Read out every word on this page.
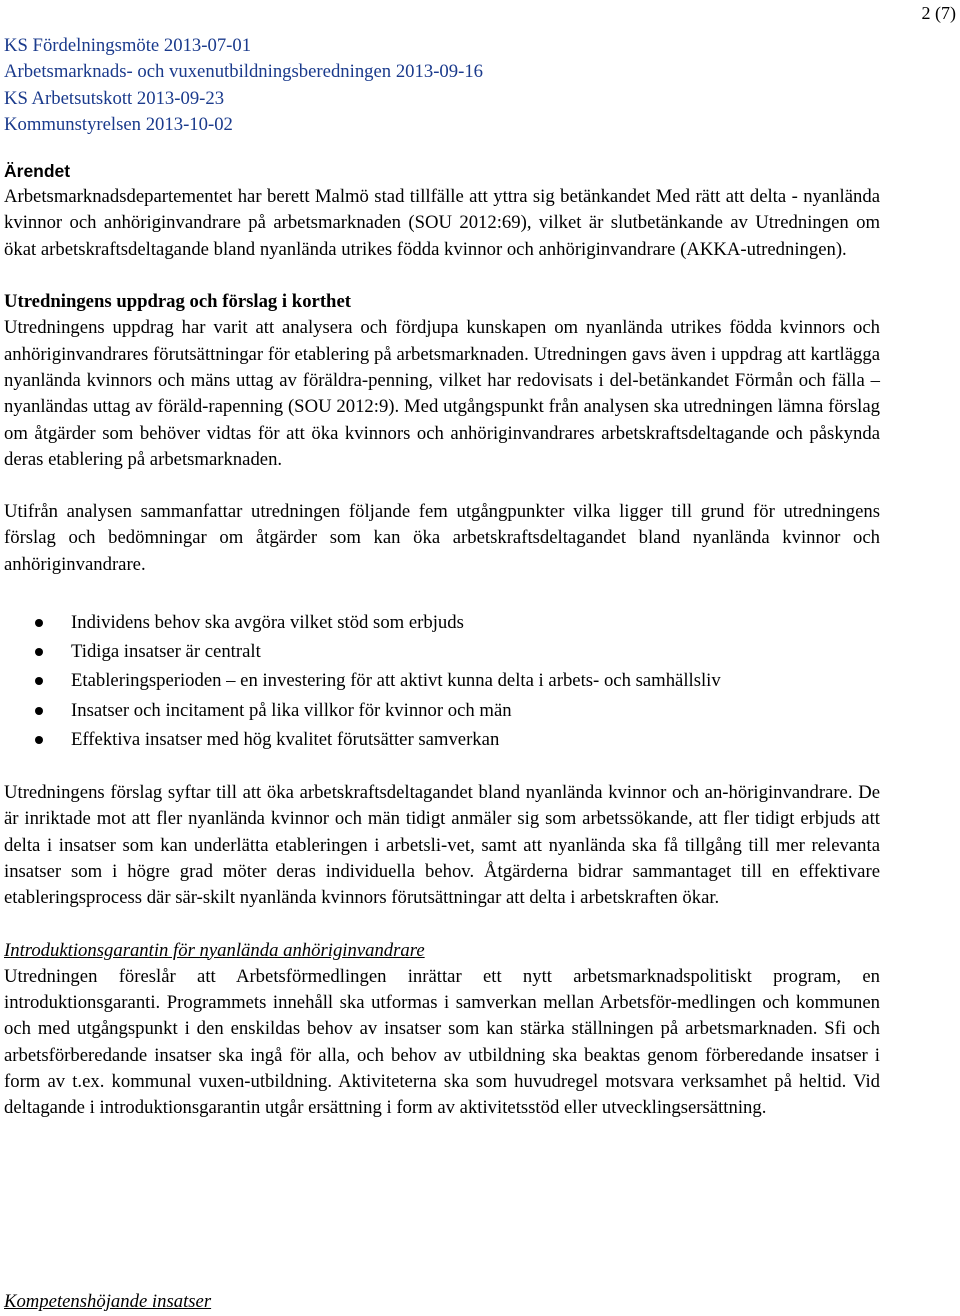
2 (7)
KS Fördelningsmöte 2013-07-01
Arbetsmarknads- och vuxenutbildningsberedningen 2013-09-16
KS Arbetsutskott 2013-09-23
Kommunstyrelsen 2013-10-02
Ärendet

Arbetsmarknadsdepartementet har berett Malmö stad tillfälle att yttra sig betänkandet Med rätt att delta - nyanlända kvinnor och anhöriginvandrare på arbetsmarknaden (SOU 2012:69), vilket är slutbetänkande av Utredningen om ökat arbetskraftsdeltagande bland nyanlända utrikes födda kvinnor och anhöriginvandrare (AKKA-utredningen).

Utredningens uppdrag och förslag i korthet

Utredningens uppdrag har varit att analysera och fördjupa kunskapen om nyanlända utrikes födda kvinnors och anhöriginvandrares förutsättningar för etablering på arbetsmarknaden. Utredningen gavs även i uppdrag att kartlägga nyanlända kvinnors och mäns uttag av föräldra-penning, vilket har redovisats i del-betänkandet Förmån och fälla – nyanländas uttag av föräld-rapenning (SOU 2012:9). Med utgångspunkt från analysen ska utredningen lämna förslag om åtgärder som behöver vidtas för att öka kvinnors och anhöriginvandrares arbetskraftsdeltagande och påskynda deras etablering på arbetsmarknaden.

Utifrån analysen sammanfattar utredningen följande fem utgångpunkter vilka ligger till grund för utredningens förslag och bedömningar om åtgärder som kan öka arbetskraftsdeltagandet bland nyanlända kvinnor och anhöriginvandrare.

Individens behov ska avgöra vilket stöd som erbjuds
Tidiga insatser är centralt
Etableringsperioden – en investering för att aktivt kunna delta i arbets- och samhällsliv
Insatser och incitament på lika villkor för kvinnor och män
Effektiva insatser med hög kvalitet förutsätter samverkan

Utredningens förslag syftar till att öka arbetskraftsdeltagandet bland nyanlända kvinnor och an-höriginvandrare. De är inriktade mot att fler nyanlända kvinnor och män tidigt anmäler sig som arbetssökande, att fler tidigt erbjuds att delta i insatser som kan underlätta etableringen i arbetsli-vet, samt att nyanlända ska få tillgång till mer relevanta insatser som i högre grad möter deras individuella behov. Åtgärderna bidrar sammantaget till en effektivare etableringsprocess där sär-skilt nyanlända kvinnors förutsättningar att delta i arbetskraften ökar.

Introduktionsgarantin för nyanlända anhöriginvandrare

Utredningen föreslår att Arbetsförmedlingen inrättar ett nytt arbetsmarknadspolitiskt program, en introduktionsgaranti. Programmets innehåll ska utformas i samverkan mellan Arbetsför-medlingen och kommunen och med utgångspunkt i den enskildas behov av insatser som kan stärka ställningen på arbetsmarknaden. Sfi och arbetsförberedande insatser ska ingå för alla, och behov av utbildning ska beaktas genom förberedande insatser i form av t.ex. kommunal vuxen-utbildning. Aktiviteterna ska som huvudregel motsvara verksamhet på heltid. Vid deltagande i introduktionsgarantin utgår ersättning i form av aktivitetsstöd eller utvecklingsersättning.

Kompetenshöjande insatser
